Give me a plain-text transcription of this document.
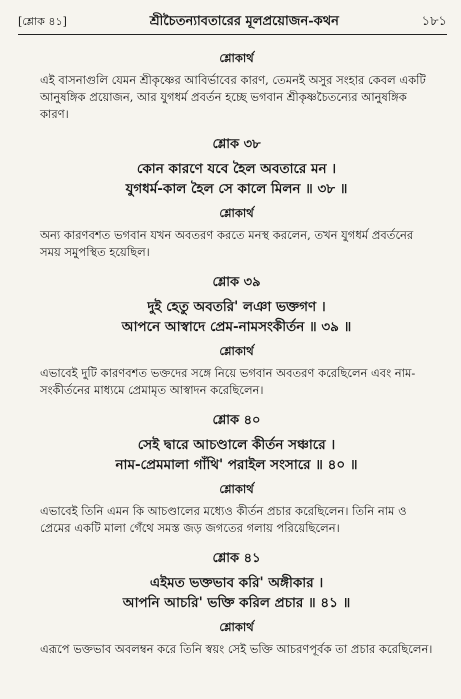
[শ্লোক ৪১]	শ্রীচৈতন্যাবতারের মূলপ্রয়োজন-কথন	১৮১
শ্লোকার্থ

এই বাসনাগুলি যেমন শ্রীকৃষ্ণের আবির্ভাবের কারণ, তেমনই অসুর সংহার কেবল একটি আনুষঙ্গিক প্রয়োজন, আর যুগধর্ম প্রবর্তন হচ্ছে ভগবান শ্রীকৃষ্ণচৈতন্যের আনুষঙ্গিক কারণ।

শ্লোক ৩৮
কোন কারণে যবে হৈল অবতারে মন ।
যুগধর্ম-কাল হৈল সে কালে মিলন ॥ ৩৮ ॥
শ্লোকার্থ

অন্য কারণবশত ভগবান যখন অবতরণ করতে মনস্থ করলেন, তখন যুগধর্ম প্রবর্তনের সময় সমুপস্থিত হয়েছিল।

শ্লোক ৩৯
দুই হেতু অবতরি' লঞা ভক্তগণ ।
আপনে আস্বাদে প্রেম-নামসংকীর্তন ॥ ৩৯ ॥
শ্লোকার্থ

এভাবেই দুটি কারণবশত ভক্তদের সঙ্গে নিয়ে ভগবান অবতরণ করেছিলেন এবং নাম-সংকীর্তনের মাধ্যমে প্রেমামৃত আস্বাদন করেছিলেন।

শ্লোক ৪০
সেই দ্বারে আচণ্ডালে কীর্তন সঞ্চারে ।
নাম-প্রেমমালা গাঁথি' পরাইল সংসারে ॥ ৪০ ॥
শ্লোকার্থ

এভাবেই তিনি এমন কি আচণ্ডালের মধ্যেও কীর্তন প্রচার করেছিলেন। তিনি নাম ও প্রেমের একটি মালা গেঁথে সমস্ত জড় জগতের গলায় পরিয়েছিলেন।

শ্লোক ৪১
এইমত ভক্তভাব করি' অঙ্গীকার ।
আপনি আচরি' ভক্তি করিল প্রচার ॥ ৪১ ॥
শ্লোকার্থ

এরূপে ভক্তভাব অবলম্বন করে তিনি স্বয়ং সেই ভক্তি আচরণপূর্বক তা প্রচার করেছিলেন।
